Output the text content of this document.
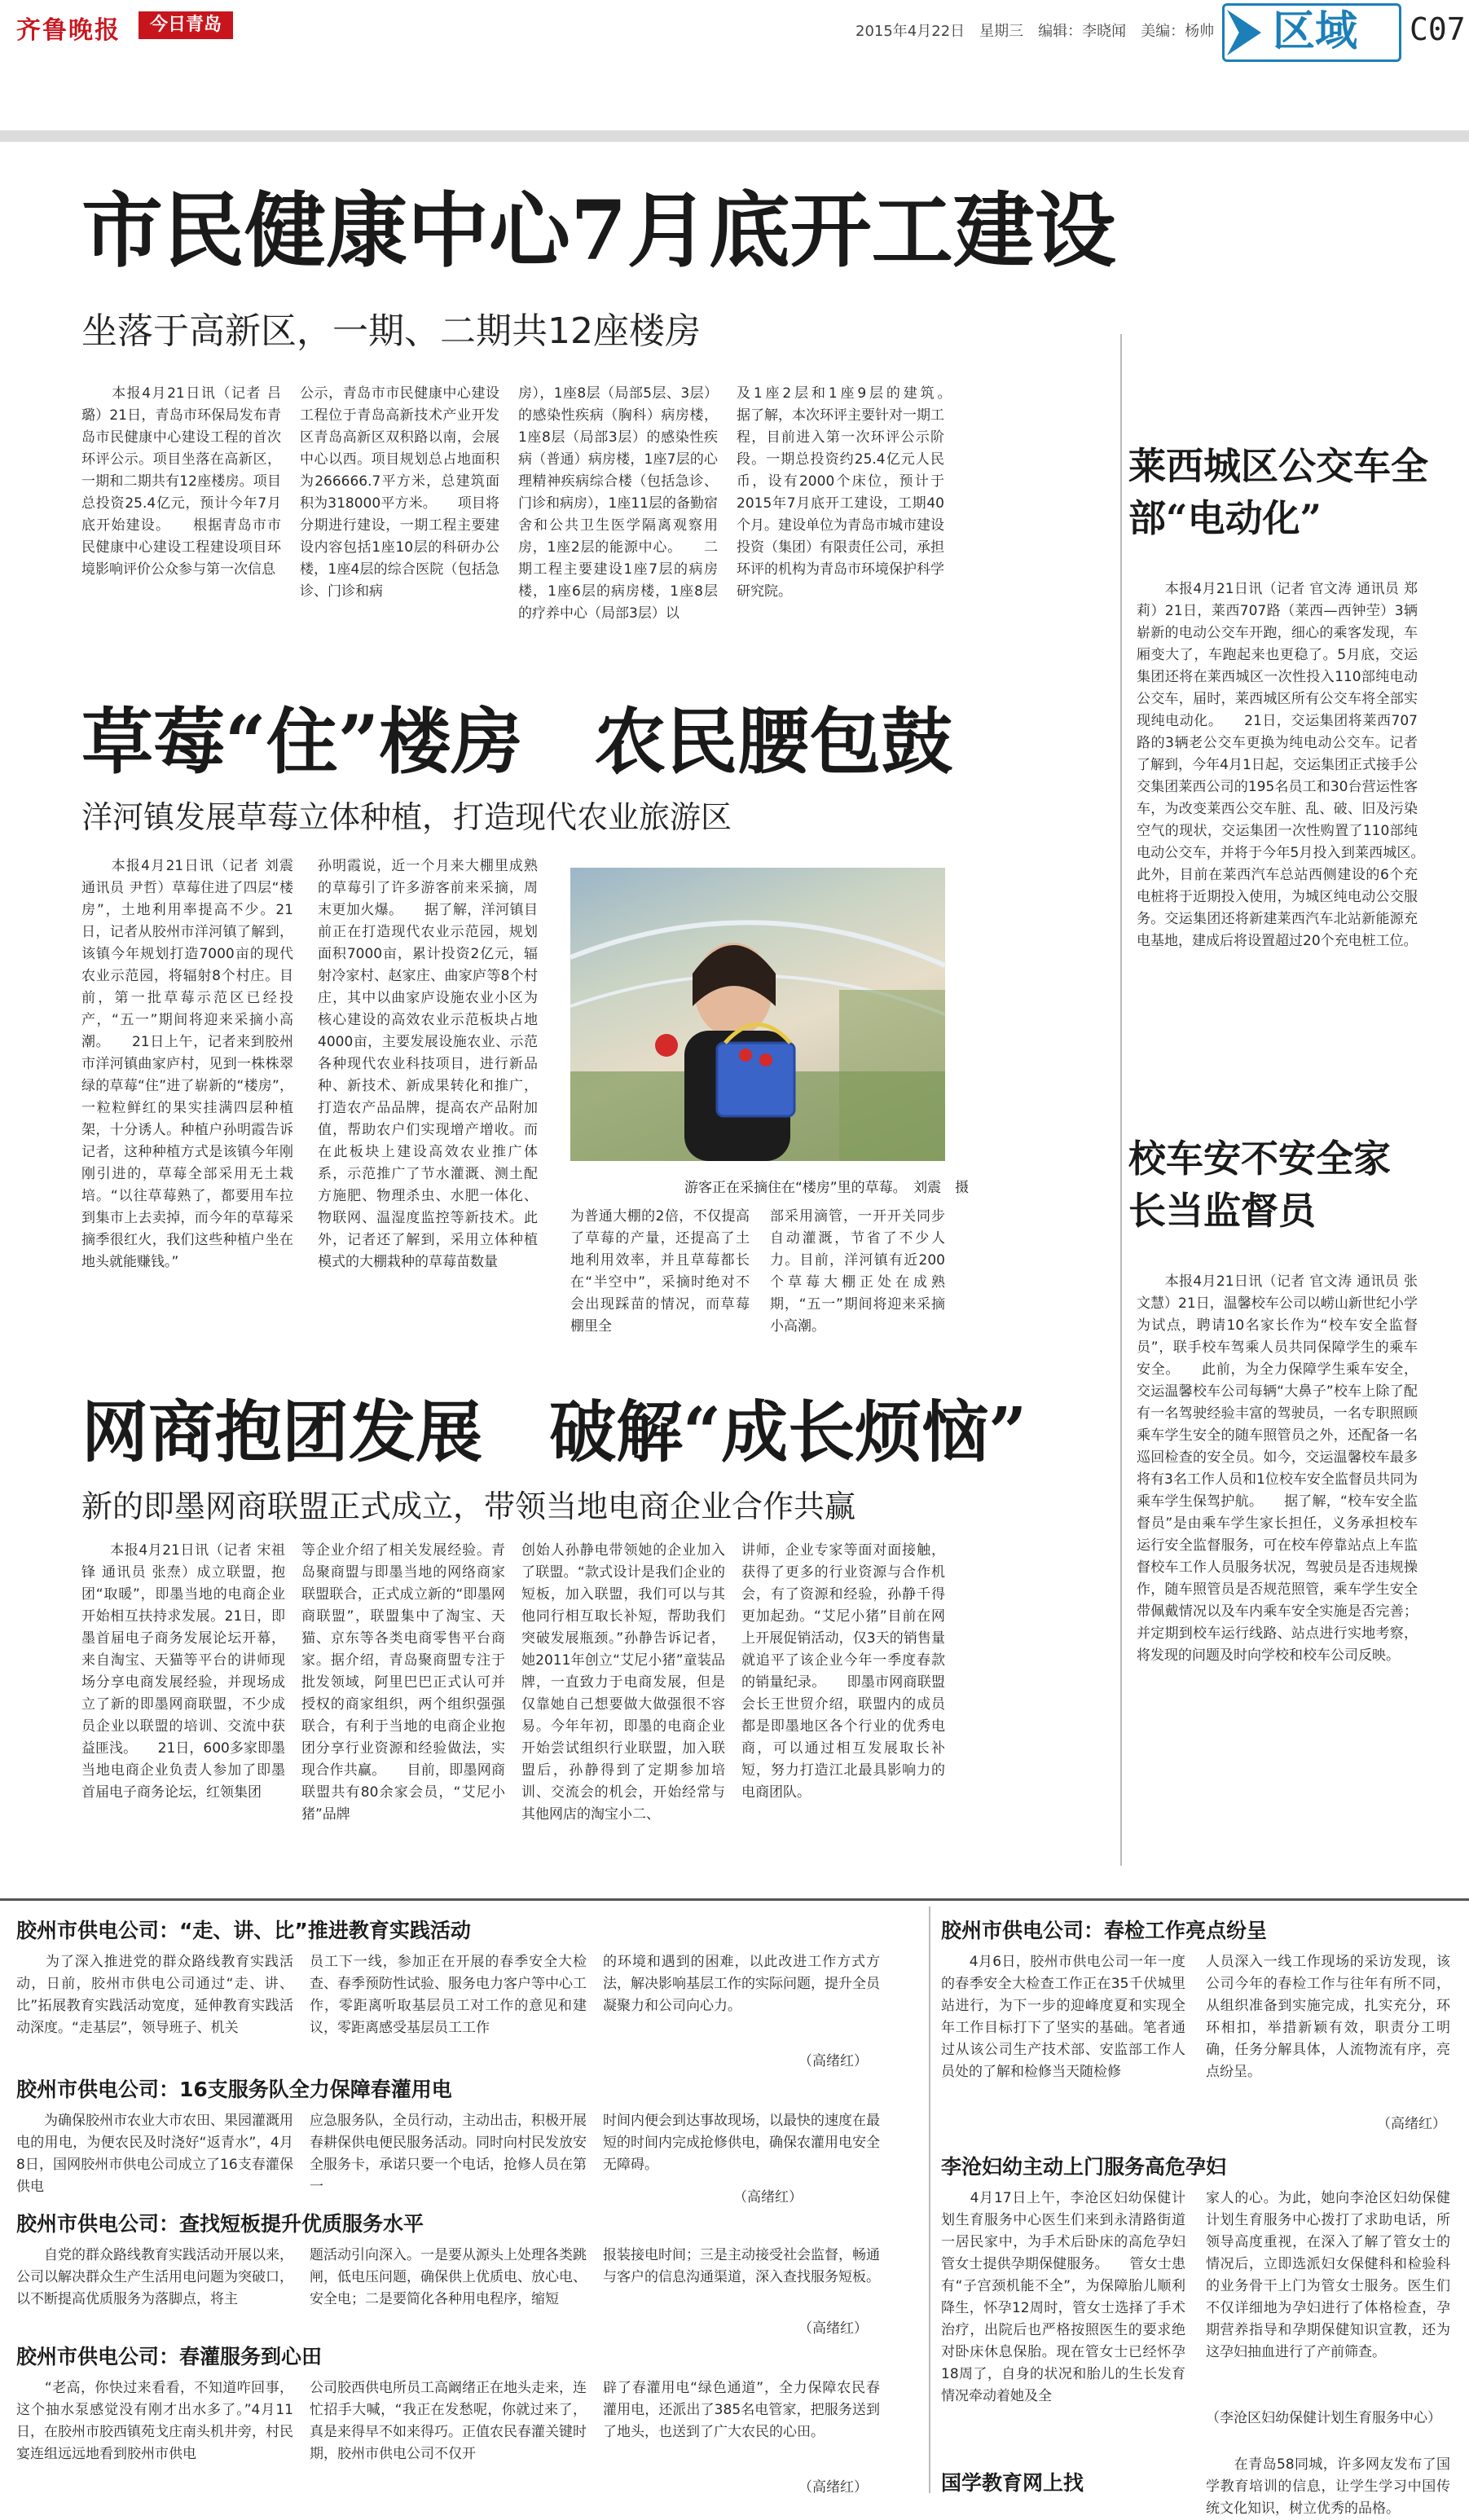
齐鲁晚报	今日青岛	2015年4月22日　星期三　编辑：李晓闻　美编：杨帅 区域 C07
市民健康中心7月底开工建设
坐落于高新区，一期、二期共12座楼房
　　本报4月21日讯（记者 吕璐）21日，青岛市环保局发布青岛市民健康中心建设工程的首次环评公示。项目坐落在高新区，一期和二期共有12座楼房。项目总投资25.4亿元，预计今年7月底开始建设。　　根据青岛市市民健康中心建设工程建设项目环境影响评价公众参与第一次信息
公示，青岛市市民健康中心建设工程位于青岛高新技术产业开发区青岛高新区双积路以南，会展中心以西。项目规划总占地面积为266666.7平方米，总建筑面积为318000平方米。　　项目将分期进行建设，一期工程主要建设内容包括1座10层的科研办公楼，1座4层的综合医院（包括急诊、门诊和病
房），1座8层（局部5层、3层）的感染性疾病（胸科）病房楼，1座8层（局部3层）的感染性疾病（普通）病房楼，1座7层的心理精神疾病综合楼（包括急诊、门诊和病房），1座11层的备勤宿舍和公共卫生医学隔离观察用房，1座2层的能源中心。　　二期工程主要建设1座7层的病房楼，1座6层的病房楼，1座8层的疗养中心（局部3层）以
及1座2层和1座9层的建筑。　　据了解，本次环评主要针对一期工程，目前进入第一次环评公示阶段。一期总投资约25.4亿元人民币，设有2000个床位，预计于2015年7月底开工建设，工期40个月。建设单位为青岛市城市建设投资（集团）有限责任公司，承担环评的机构为青岛市环境保护科学研究院。
草莓“住”楼房　农民腰包鼓
洋河镇发展草莓立体种植，打造现代农业旅游区
　　本报4月21日讯（记者 刘震 通讯员 尹哲）草莓住进了四层“楼房”，土地利用率提高不少。21日，记者从胶州市洋河镇了解到，该镇今年规划打造7000亩的现代农业示范园，将辐射8个村庄。目前，第一批草莓示范区已经投产，“五一”期间将迎来采摘小高潮。　　21日上午，记者来到胶州市洋河镇曲家庐村，见到一株株翠绿的草莓“住”进了崭新的“楼房”，一粒粒鲜红的果实挂满四层种植架，十分诱人。种植户孙明霞告诉记者，这种种植方式是该镇今年刚刚引进的，草莓全部采用无土栽培。“以往草莓熟了，都要用车拉到集市上去卖掉，而今年的草莓采摘季很红火，我们这些种植户坐在地头就能赚钱。”
孙明霞说，近一个月来大棚里成熟的草莓引了许多游客前来采摘，周末更加火爆。　　据了解，洋河镇目前正在打造现代农业示范园，规划面积7000亩，累计投资2亿元，辐射冷家村、赵家庄、曲家庐等8个村庄，其中以曲家庐设施农业小区为核心建设的高效农业示范板块占地4000亩，主要发展设施农业、示范各种现代农业科技项目，进行新品种、新技术、新成果转化和推广，打造农产品品牌，提高农产品附加值，帮助农户们实现增产增收。而在此板块上建设高效农业推广体系，示范推广了节水灌溉、测土配方施肥、物理杀虫、水肥一体化、物联网、温湿度监控等新技术。此外，记者还了解到，采用立体种植模式的大棚栽种的草莓苗数量
游客正在采摘住在“楼房”里的草莓。　刘震　摄
为普通大棚的2倍，不仅提高了草莓的产量，还提高了土地利用效率，并且草莓都长在“半空中”，采摘时绝对不会出现踩苗的情况，而草莓棚里全
部采用滴管，一开开关同步自动灌溉，节省了不少人力。目前，洋河镇有近200个草莓大棚正处在成熟期，“五一”期间将迎来采摘小高潮。
网商抱团发展　破解“成长烦恼”
新的即墨网商联盟正式成立，带领当地电商企业合作共赢
　　本报4月21日讯（记者 宋祖锋 通讯员 张焘）成立联盟，抱团“取暖”，即墨当地的电商企业开始相互扶持求发展。21日，即墨首届电子商务发展论坛开幕，来自淘宝、天猫等平台的讲师现场分享电商发展经验，并现场成立了新的即墨网商联盟，不少成员企业以联盟的培训、交流中获益匪浅。　　21日，600多家即墨当地电商企业负责人参加了即墨首届电子商务论坛，红领集团
等企业介绍了相关发展经验。青岛聚商盟与即墨当地的网络商家联盟联合，正式成立新的“即墨网商联盟”，联盟集中了淘宝、天猫、京东等各类电商零售平台商家。据介绍，青岛聚商盟专注于批发领域，阿里巴巴正式认可并授权的商家组织，两个组织强强联合，有利于当地的电商企业抱团分享行业资源和经验做法，实现合作共赢。　　目前，即墨网商联盟共有80余家会员，“艾尼小猪”品牌
创始人孙静电带领她的企业加入了联盟。“款式设计是我们企业的短板，加入联盟，我们可以与其他同行相互取长补短，帮助我们突破发展瓶颈。”孙静告诉记者，她2011年创立“艾尼小猪”童装品牌，一直致力于电商发展，但是仅靠她自己想要做大做强很不容易。今年年初，即墨的电商企业开始尝试组织行业联盟，加入联盟后，孙静得到了定期参加培训、交流会的机会，开始经常与其他网店的淘宝小二、
讲师，企业专家等面对面接触，获得了更多的行业资源与合作机会，有了资源和经验，孙静千得更加起劲。“艾尼小猪”目前在网上开展促销活动，仅3天的销售量就追平了该企业今年一季度春款的销量纪录。　　即墨市网商联盟会长王世贸介绍，联盟内的成员都是即墨地区各个行业的优秀电商，可以通过相互发展取长补短，努力打造江北最具影响力的电商团队。
莱西城区公交车全部“电动化”
　　本报4月21日讯（记者 官文涛 通讯员 郑莉）21日，莱西707路（莱西—西钟茔）3辆崭新的电动公交车开跑，细心的乘客发现，车厢变大了，车跑起来也更稳了。5月底，交运集团还将在莱西城区一次性投入110部纯电动公交车，届时，莱西城区所有公交车将全部实现纯电动化。　　21日，交运集团将莱西707路的3辆老公交车更换为纯电动公交车。记者了解到，今年4月1日起，交运集团正式接手公交集团莱西公司的195名员工和30台营运性客车，为改变莱西公交车脏、乱、破、旧及污染空气的现状，交运集团一次性购置了110部纯电动公交车，并将于今年5月投入到莱西城区。　　此外，目前在莱西汽车总站西侧建设的6个充电桩将于近期投入使用，为城区纯电动公交服务。交运集团还将新建莱西汽车北站新能源充电基地，建成后将设置超过20个充电桩工位。
校车安不安全家长当监督员
　　本报4月21日讯（记者 官文涛 通讯员 张文慧）21日，温馨校车公司以崂山新世纪小学为试点，聘请10名家长作为“校车安全监督员”，联手校车驾乘人员共同保障学生的乘车安全。　　此前，为全力保障学生乘车安全，交运温馨校车公司每辆“大鼻子”校车上除了配有一名驾驶经验丰富的驾驶员，一名专职照顾乘车学生安全的随车照管员之外，还配备一名巡回检查的安全员。如今，交运温馨校车最多将有3名工作人员和1位校车安全监督员共同为乘车学生保驾护航。　　据了解，“校车安全监督员”是由乘车学生家长担任，义务承担校车运行安全监督服务，可在校车停靠站点上车监督校车工作人员服务状况，驾驶员是否违规操作，随车照管员是否规范照管，乘车学生安全带佩戴情况以及车内乘车安全实施是否完善；并定期到校车运行线路、站点进行实地考察，将发现的问题及时向学校和校车公司反映。
胶州市供电公司：“走、讲、比”推进教育实践活动
　　为了深入推进党的群众路线教育实践活动，日前，胶州市供电公司通过“走、讲、比”拓展教育实践活动宽度，延伸教育实践活动深度。“走基层”，领导班子、机关
员工下一线，参加正在开展的春季安全大检查、春季预防性试验、服务电力客户等中心工作，零距离听取基层员工对工作的意见和建议，零距离感受基层员工工作
的环境和遇到的困难，以此改进工作方式方法，解决影响基层工作的实际问题，提升全员凝聚力和公司向心力。
（高绪红）
胶州市供电公司：16支服务队全力保障春灌用电
　　为确保胶州市农业大市农田、果园灌溉用电的用电，为便农民及时浇好“返青水”，4月8日，国网胶州市供电公司成立了16支春灌保供电
应急服务队，全员行动，主动出击，积极开展春耕保供电便民服务活动。同时向村民发放安全服务卡，承诺只要一个电话，抢修人员在第一
时间内便会到达事故现场，以最快的速度在最短的时间内完成抢修供电，确保农灌用电安全无障碍。
（高绪红）
胶州市供电公司：查找短板提升优质服务水平
　　自党的群众路线教育实践活动开展以来，公司以解决群众生产生活用电问题为突破口，以不断提高优质服务为落脚点，将主
题活动引向深入。一是要从源头上处理各类跳闸，低电压问题，确保供上优质电、放心电、安全电；二是要简化各种用电程序，缩短
报装接电时间；三是主动接受社会监督，畅通与客户的信息沟通渠道，深入查找服务短板。
（高绪红）
胶州市供电公司：春灌服务到心田
　　“老高，你快过来看看，不知道咋回事，这个抽水泵感觉没有刚才出水多了。”4月11日，在胶州市胶西镇苑戈庄南头机井旁，村民宴连组远远地看到胶州市供电
公司胶西供电所员工高阚绪正在地头走来，连忙招手大喊，“我正在发愁呢，你就过来了，真是来得早不如来得巧。正值农民春灌关键时期，胶州市供电公司不仅开
辟了春灌用电“绿色通道”，全力保障农民春灌用电，还派出了385名电管家，把服务送到了地头，也送到了广大农民的心田。
（高绪红）
胶州市供电公司：春检工作亮点纷呈
　　4月6日，胶州市供电公司一年一度的春季安全大检查工作正在35千伏城里站进行，为下一步的迎峰度夏和实现全年工作目标打下了坚实的基础。笔者通过从该公司生产技术部、安监部工作人员处的了解和检修当天随检修
人员深入一线工作现场的采访发现，该公司今年的春检工作与往年有所不同，从组织准备到实施完成，扎实充分，环环相扣，举措新颖有效，职责分工明确，任务分解具体，人流物流有序，亮点纷呈。
（高绪红）
李沧妇幼主动上门服务高危孕妇
　　4月17日上午，李沧区妇幼保健计划生育服务中心医生们来到永清路街道一居民家中，为手术后卧床的高危孕妇管女士提供孕期保健服务。　　管女士患有“子宫颈机能不全”，为保障胎儿顺利降生，怀孕12周时，管女士选择了手术治疗，出院后也严格按照医生的要求绝对卧床休息保胎。现在管女士已经怀孕18周了，自身的状况和胎儿的生长发育情况牵动着她及全
家人的心。为此，她向李沧区妇幼保健计划生育服务中心拨打了求助电话，所领导高度重视，在深入了解了管女士的情况后，立即选派妇女保健科和检验科的业务骨干上门为管女士服务。医生们不仅详细地为孕妇进行了体格检查，孕期营养指导和孕期保健知识宣教，还为这孕妇抽血进行了产前筛查。
（李沧区妇幼保健计划生育服务中心）
国学教育网上找
　　在青岛58同城，许多网友发布了国学教育培训的信息，让学生学习中国传统文化知识，树立优秀的品格。
